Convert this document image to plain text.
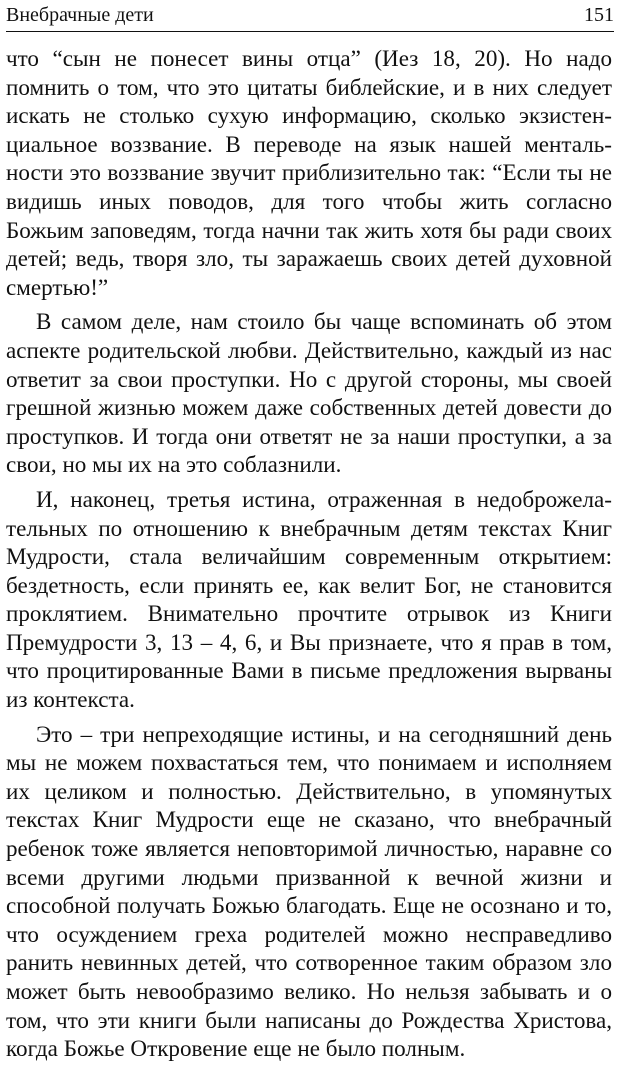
Внебрачные дети	151

что “сын не понесет вины отца” (Иез 18, 20). Но надо помнить о том, что это цитаты библейские, и в них следует искать не столько сухую информацию, сколько экзистенциальное воззвание. В переводе на язык нашей ментальности это воззвание звучит приблизительно так: “Если ты не видишь иных поводов, для того чтобы жить согласно Божьим заповедям, тогда начни так жить хотя бы ради своих детей; ведь, творя зло, ты заражаешь своих детей духовной смертью!”

В самом деле, нам стоило бы чаще вспоминать об этом аспекте родительской любви. Действительно, каждый из нас ответит за свои проступки. Но с другой стороны, мы своей грешной жизнью можем даже собственных детей довести до проступков. И тогда они ответят не за наши проступки, а за свои, но мы их на это соблазнили.

И, наконец, третья истина, отраженная в недоброжелательных по отношению к внебрачным детям текстах Книг Мудрости, стала величайшим современным открытием: бездетность, если принять ее, как велит Бог, не становится проклятием. Внимательно прочтите отрывок из Книги Премудрости 3, 13 – 4, 6, и Вы признаете, что я прав в том, что процитированные Вами в письме предложения вырваны из контекста.

Это – три непреходящие истины, и на сегодняшний день мы не можем похвастаться тем, что понимаем и исполняем их целиком и полностью. Действительно, в упомянутых текстах Книг Мудрости еще не сказано, что внебрачный ребенок тоже является неповторимой личностью, наравне со всеми другими людьми призванной к вечной жизни и способной получать Божью благодать. Еще не осознано и то, что осуждением греха родителей можно несправедливо ранить невинных детей, что сотворенное таким образом зло может быть невообразимо велико. Но нельзя забывать и о том, что эти книги были написаны до Рождества Христова, когда Божье Откровение еще не было полным.
